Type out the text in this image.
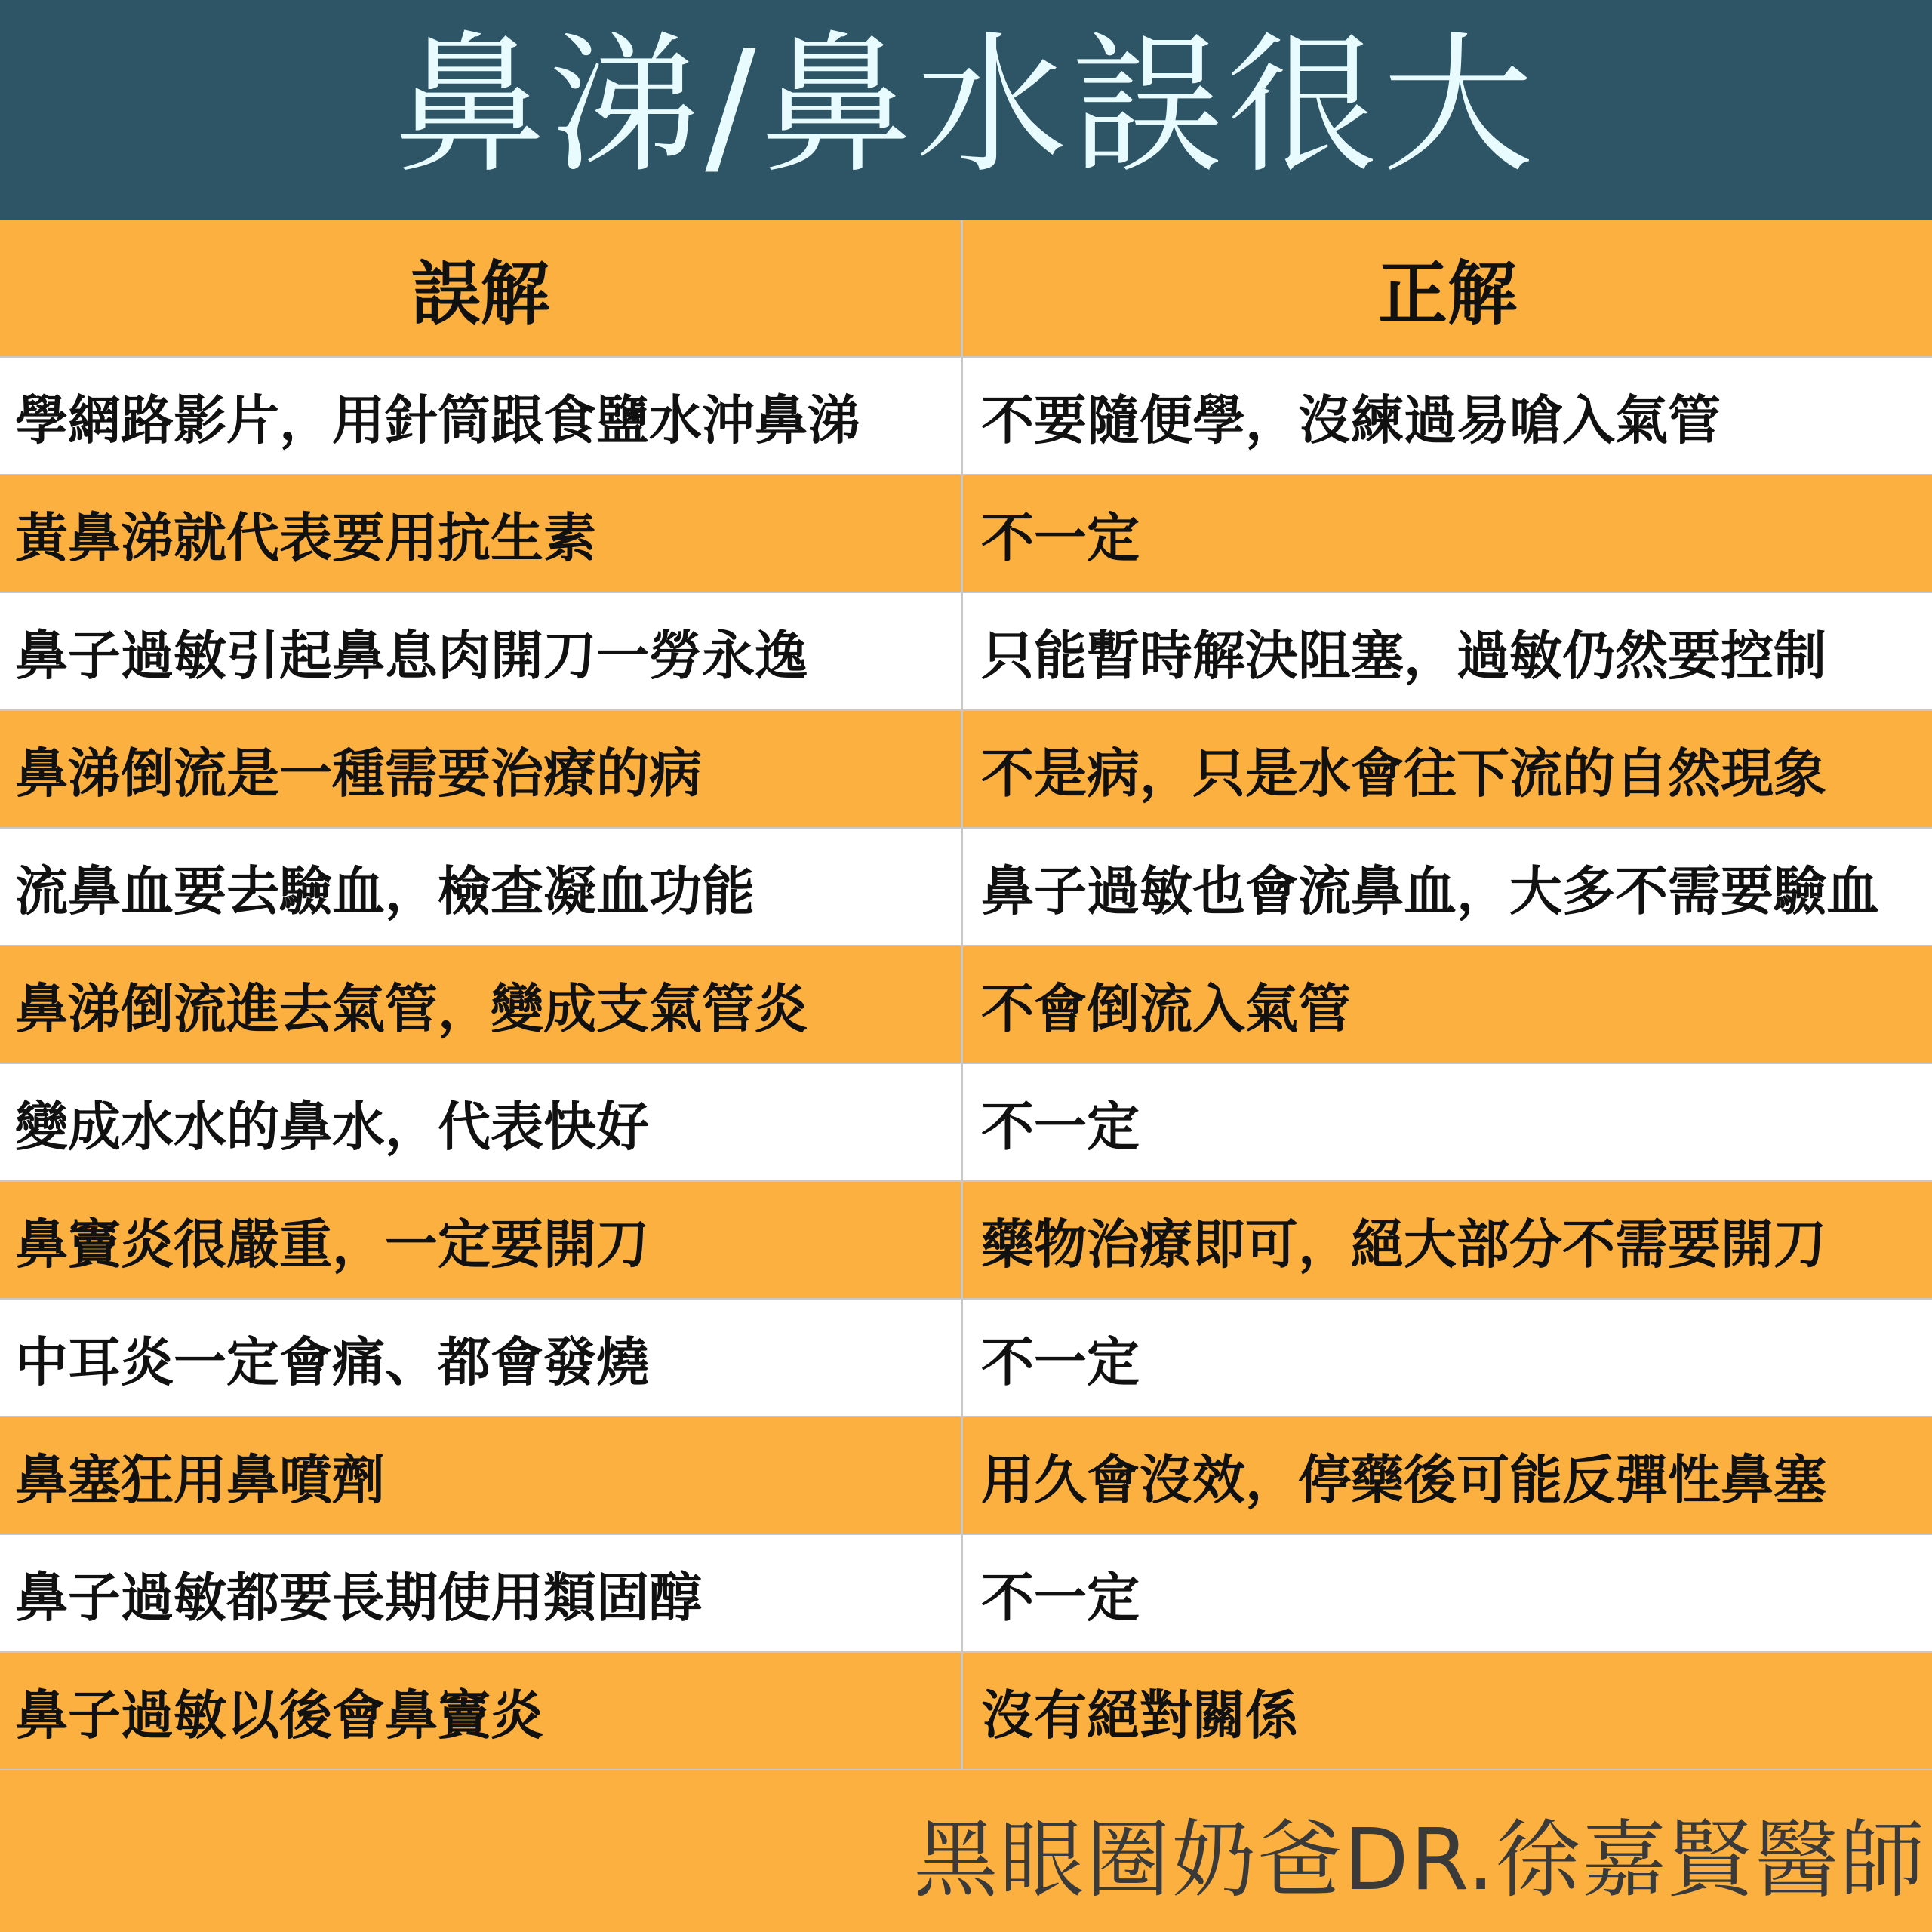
鼻涕/鼻水誤很大
誤解	正解
學網路影片，用針筒跟食鹽水沖鼻涕	不要隨便學，沒練過易嗆入氣管
黃鼻涕就代表要用抗生素	不一定
鼻子過敏引起鼻息肉開刀一勞永逸	只能暫時解決阻塞，過敏仍然要控制
鼻涕倒流是一種需要治療的病	不是病，只是水會往下流的自然現象
流鼻血要去驗血，檢查凝血功能	鼻子過敏也會流鼻血，大多不需要驗血
鼻涕倒流進去氣管，變成支氣管炎	不會倒流入氣管
變成水水的鼻水，代表快好	不一定
鼻竇炎很嚴重，一定要開刀	藥物治療即可，絕大部分不需要開刀
中耳炎一定會痛、都會發燒	不一定
鼻塞狂用鼻噴劑	用久會沒效，停藥後可能反彈性鼻塞
鼻子過敏都要長期使用類固醇	不一定
鼻子過敏以後會鼻竇炎	沒有絕對關係
黑眼圈奶爸DR.徐嘉賢醫師
